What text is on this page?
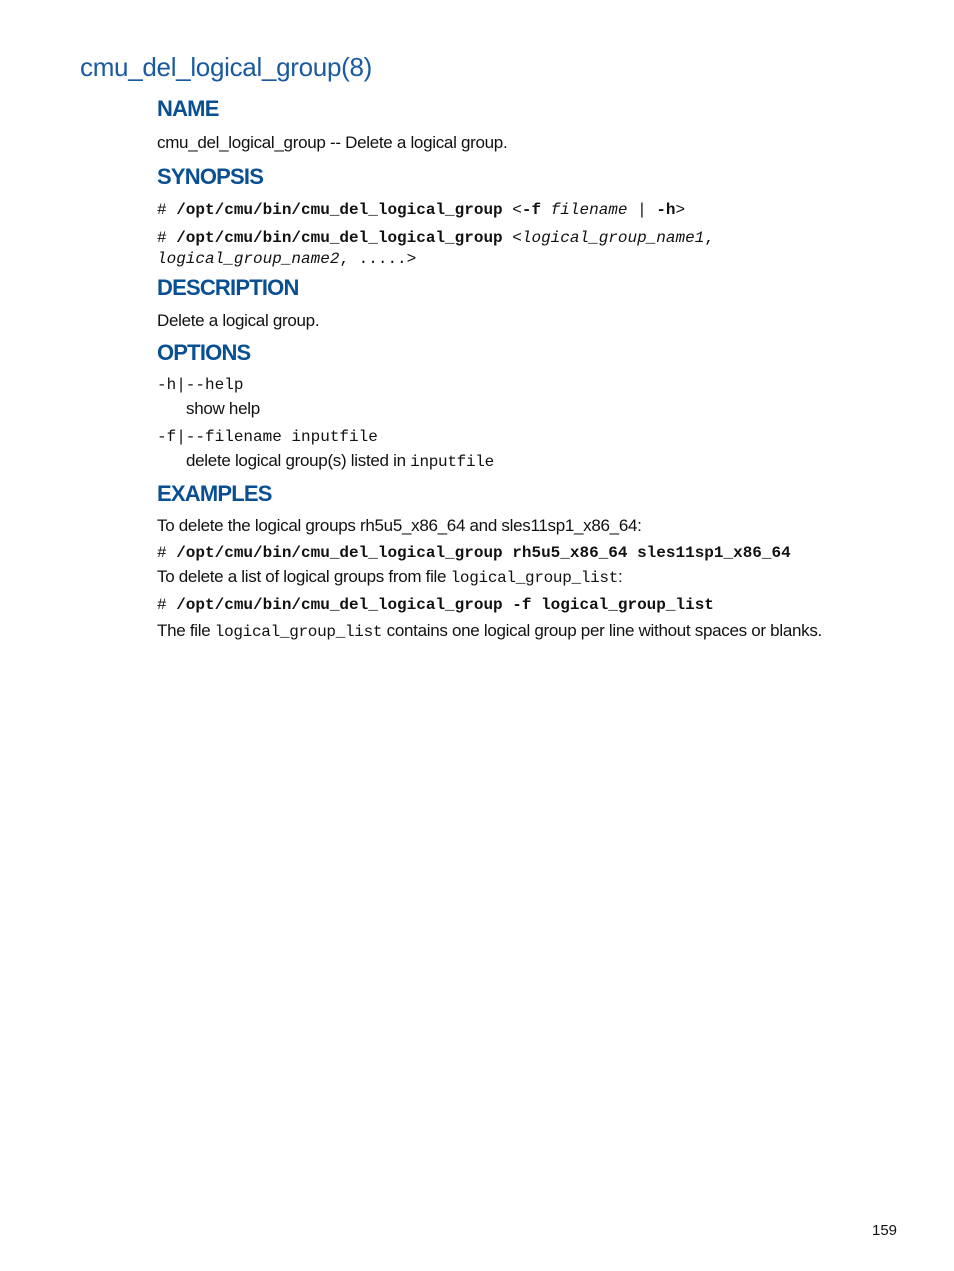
cmu_del_logical_group(8)
NAME

cmu_del_logical_group -- Delete a logical group.

SYNOPSIS

# /opt/cmu/bin/cmu_del_logical_group <-f filename | -h>

# /opt/cmu/bin/cmu_del_logical_group <logical_group_name1,
logical_group_name2, .....>

DESCRIPTION

Delete a logical group.

OPTIONS

-h|--help

show help

-f|--filename inputfile

delete logical group(s) listed in inputfile

EXAMPLES

To delete the logical groups rh5u5_x86_64 and sles11sp1_x86_64:

# /opt/cmu/bin/cmu_del_logical_group rh5u5_x86_64 sles11sp1_x86_64

To delete a list of logical groups from file logical_group_list:

# /opt/cmu/bin/cmu_del_logical_group -f logical_group_list

The file logical_group_list contains one logical group per line without spaces or blanks.

159
